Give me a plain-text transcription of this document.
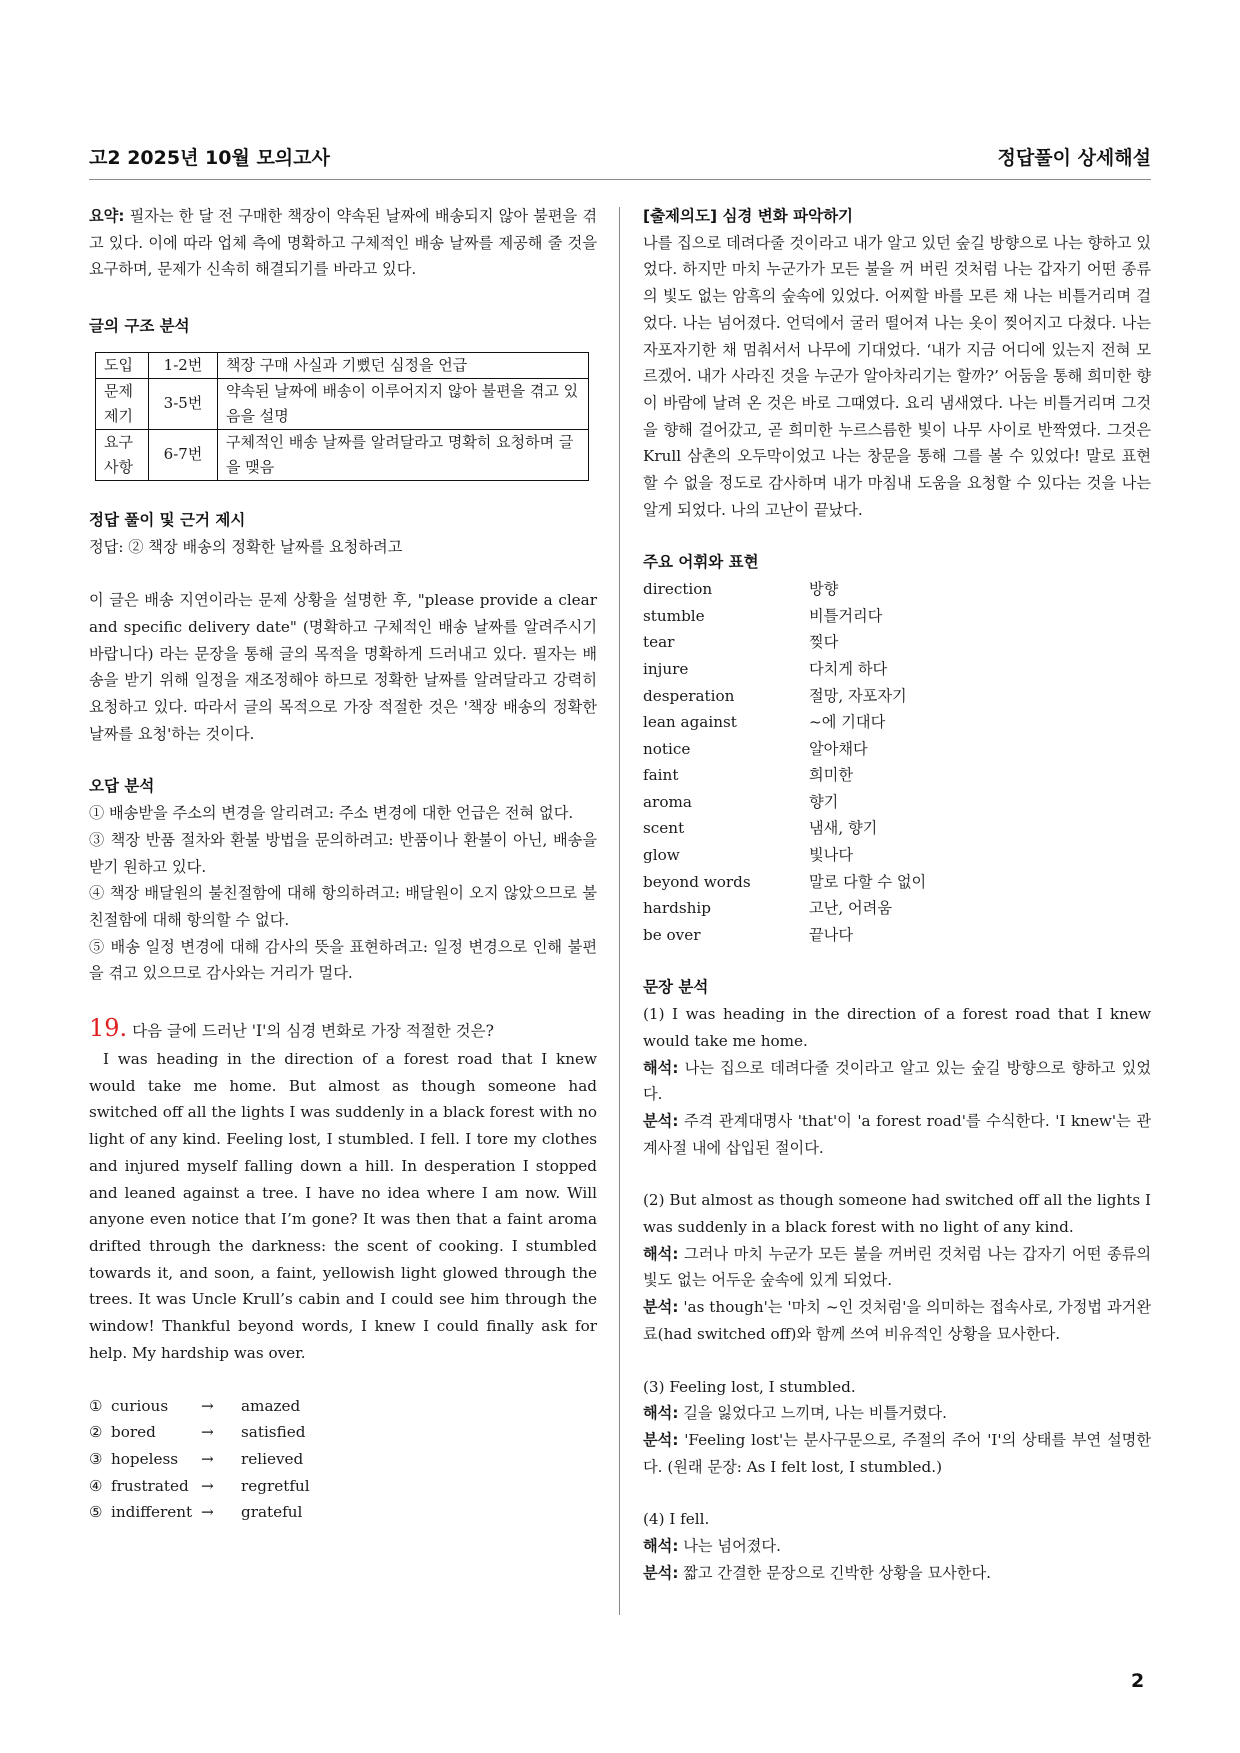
고2 2025년 10월 모의고사	정답풀이 상세해설
요약: 필자는 한 달 전 구매한 책장이 약속된 날짜에 배송되지 않아 불편을 겪고 있다. 이에 따라 업체 측에 명확하고 구체적인 배송 날짜를 제공해 줄 것을 요구하며, 문제가 신속히 해결되기를 바라고 있다.
글의 구조 분석
도입	1-2번	책장 구매 사실과 기뻤던 심정을 언급
문제 제기	3-5번	약속된 날짜에 배송이 이루어지지 않아 불편을 겪고 있음을 설명
요구 사항	6-7번	구체적인 배송 날짜를 알려달라고 명확히 요청하며 글을 맺음
정답 풀이 및 근거 제시
정답: ② 책장 배송의 정확한 날짜를 요청하려고
이 글은 배송 지연이라는 문제 상황을 설명한 후, "please provide a clear and specific delivery date" (명확하고 구체적인 배송 날짜를 알려주시기 바랍니다) 라는 문장을 통해 글의 목적을 명확하게 드러내고 있다. 필자는 배송을 받기 위해 일정을 재조정해야 하므로 정확한 날짜를 알려달라고 강력히 요청하고 있다. 따라서 글의 목적으로 가장 적절한 것은 '책장 배송의 정확한 날짜를 요청'하는 것이다.
오답 분석
① 배송받을 주소의 변경을 알리려고: 주소 변경에 대한 언급은 전혀 없다.
③ 책장 반품 절차와 환불 방법을 문의하려고: 반품이나 환불이 아닌, 배송을 받기 원하고 있다.
④ 책장 배달원의 불친절함에 대해 항의하려고: 배달원이 오지 않았으므로 불친절함에 대해 항의할 수 없다.
⑤ 배송 일정 변경에 대해 감사의 뜻을 표현하려고: 일정 변경으로 인해 불편을 겪고 있으므로 감사와는 거리가 멀다.
19. 다음 글에 드러난 'I'의 심경 변화로 가장 적절한 것은?
I was heading in the direction of a forest road that I knew would take me home. But almost as though someone had switched off all the lights I was suddenly in a black forest with no light of any kind. Feeling lost, I stumbled. I fell. I tore my clothes and injured myself falling down a hill. In desperation I stopped and leaned against a tree. I have no idea where I am now. Will anyone even notice that I’m gone? It was then that a faint aroma drifted through the darkness: the scent of cooking. I stumbled towards it, and soon, a faint, yellowish light glowed through the trees. It was Uncle Krull’s cabin and I could see him through the window! Thankful beyond words, I knew I could finally ask for help. My hardship was over.
① curious	→	amazed
② bored	→	satisfied
③ hopeless	→	relieved
④ frustrated →	regretful
⑤ indifferent →	grateful
[출제의도] 심경 변화 파악하기
나를 집으로 데려다줄 것이라고 내가 알고 있던 숲길 방향으로 나는 향하고 있었다. 하지만 마치 누군가가 모든 불을 꺼 버린 것처럼 나는 갑자기 어떤 종류의 빛도 없는 암흑의 숲속에 있었다. 어찌할 바를 모른 채 나는 비틀거리며 걸었다. 나는 넘어졌다. 언덕에서 굴러 떨어져 나는 옷이 찢어지고 다쳤다. 나는 자포자기한 채 멈춰서서 나무에 기대었다. ‘내가 지금 어디에 있는지 전혀 모르겠어. 내가 사라진 것을 누군가 알아차리기는 할까?’ 어둠을 통해 희미한 향이 바람에 날려 온 것은 바로 그때였다. 요리 냄새였다. 나는 비틀거리며 그것을 향해 걸어갔고, 곧 희미한 누르스름한 빛이 나무 사이로 반짝였다. 그것은 Krull 삼촌의 오두막이었고 나는 창문을 통해 그를 볼 수 있었다! 말로 표현할 수 없을 정도로 감사하며 내가 마침내 도움을 요청할 수 있다는 것을 나는 알게 되었다. 나의 고난이 끝났다.
주요 어휘와 표현
direction	방향
stumble	비틀거리다
tear	찢다
injure	다치게 하다
desperation	절망, 자포자기
lean against	~에 기대다
notice	알아채다
faint	희미한
aroma	향기
scent	냄새, 향기
glow	빛나다
beyond words	말로 다할 수 없이
hardship	고난, 어려움
be over	끝나다
문장 분석
(1) I was heading in the direction of a forest road that I knew would take me home.
해석: 나는 집으로 데려다줄 것이라고 알고 있는 숲길 방향으로 향하고 있었다.
분석: 주격 관계대명사 'that'이 'a forest road'를 수식한다. 'I knew'는 관계사절 내에 삽입된 절이다.
(2) But almost as though someone had switched off all the lights I was suddenly in a black forest with no light of any kind.
해석: 그러나 마치 누군가 모든 불을 꺼버린 것처럼 나는 갑자기 어떤 종류의 빛도 없는 어두운 숲속에 있게 되었다.
분석: 'as though'는 '마치 ~인 것처럼'을 의미하는 접속사로, 가정법 과거완료(had switched off)와 함께 쓰여 비유적인 상황을 묘사한다.
(3) Feeling lost, I stumbled.
해석: 길을 잃었다고 느끼며, 나는 비틀거렸다.
분석: 'Feeling lost'는 분사구문으로, 주절의 주어 'I'의 상태를 부연 설명한다. (원래 문장: As I felt lost, I stumbled.)
(4) I fell.
해석: 나는 넘어졌다.
분석: 짧고 간결한 문장으로 긴박한 상황을 묘사한다.
2
